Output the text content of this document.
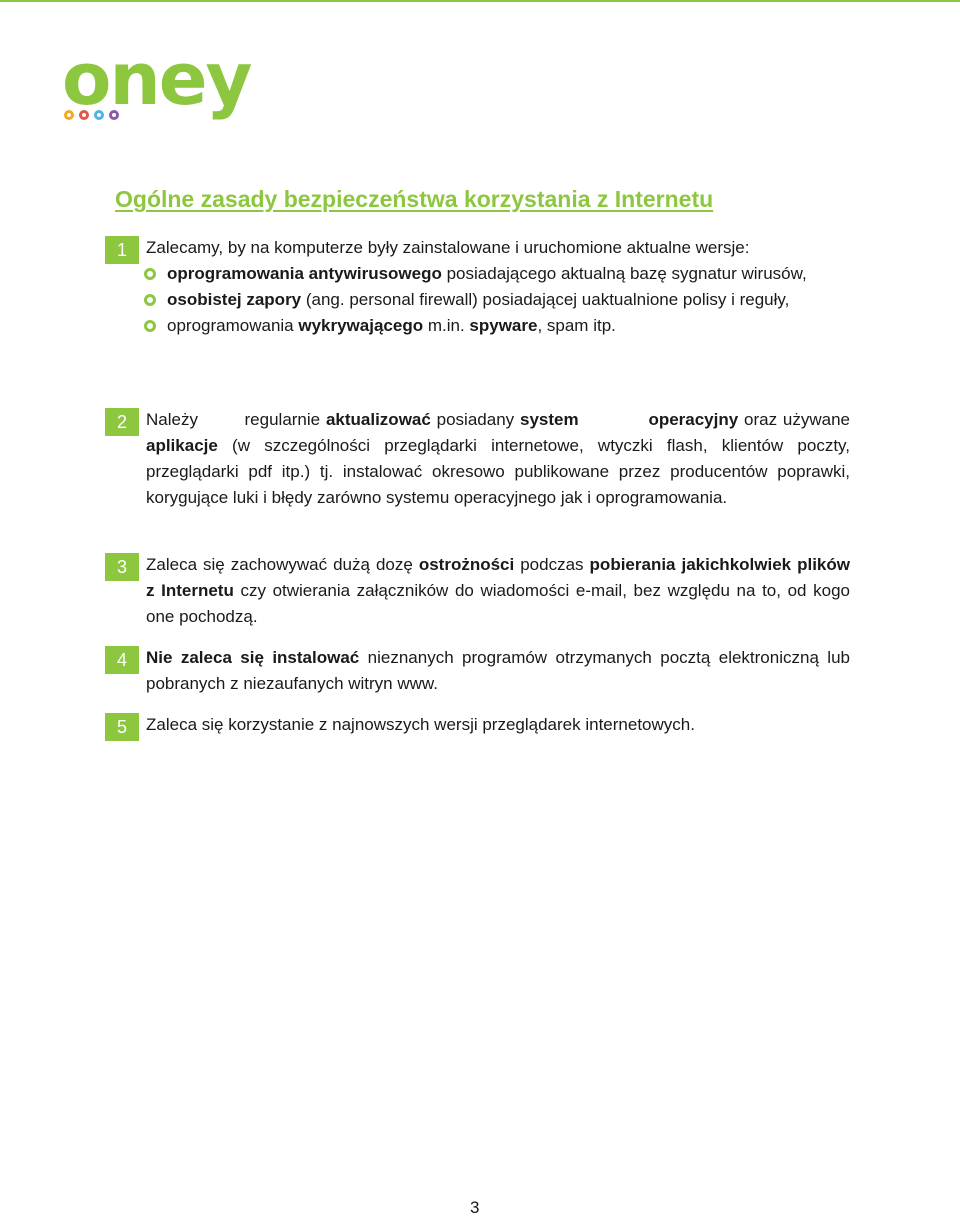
oney
Ogólne zasady bezpieczeństwa korzystania z Internetu
1	Zalecamy, by na komputerze były zainstalowane i uruchomione aktualne wersje:
oprogramowania antywirusowego posiadającego aktualną bazę sygnatur wirusów,
osobistej zapory (ang. personal firewall) posiadającej uaktualnione polisy i reguły,
oprogramowania wykrywającego m.in. spyware, spam itp.
2	Należy        regularnie aktualizować posiadany system	operacyjny oraz używane aplikacje (w szczególności przeglądarki internetowe, wtyczki flash, klientów poczty, przeglądarki pdf itp.) tj. instalować okresowo publikowane przez producentów poprawki, korygujące luki i błędy zarówno systemu operacyjnego jak i oprogramowania.
3	Zaleca się zachowywać dużą dozę ostrożności podczas pobierania jakichkolwiek plików z Internetu czy otwierania załączników do wiadomości e-mail, bez względu na to, od kogo one pochodzą.
4	Nie zaleca się instalować nieznanych programów otrzymanych pocztą elektroniczną lub pobranych z niezaufanych witryn www.
5	Zaleca się korzystanie z najnowszych wersji przeglądarek internetowych.
3
